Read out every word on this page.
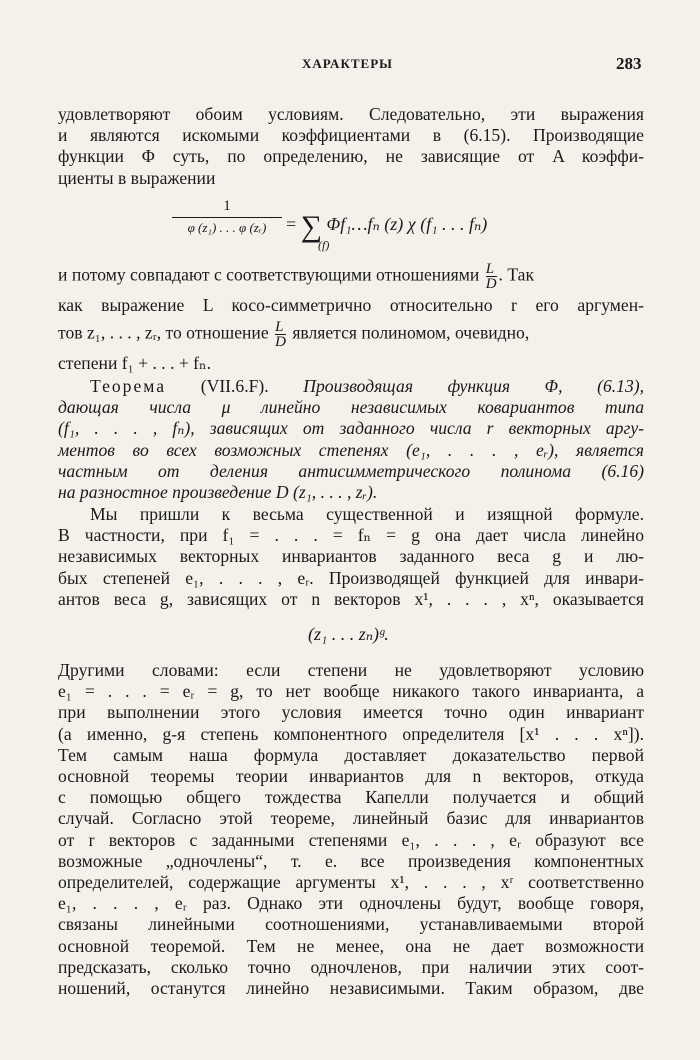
ХАРАКТЕРЫ	283
удовлетворяют обоим условиям. Следовательно, эти выражения
и являются искомыми коэффициентами в (6.15). Производящие
функции Φ суть, по определению, не зависящие от A коэффи-
циенты в выражении
$\frac{1}{\text{φ (z₁) . . . φ (zᵣ)}}$ = ∑ Φf₁…fₙ (z) χ (f₁ . . . fₙ)
(f)
и потому совпадают с соответствующими отношениями $\frac{L}{D}$ . Так
как выражение L косо-симметрично относительно r его аргумен-
тов z₁, . . . , zᵣ, то отношение $\frac{L}{D}$ является полиномом, очевидно,
степени f₁ + . . . + fₙ.
Теорема (VII.6.F). Производящая функция Φ, (6.13),
дающая числа μ линейно независимых ковариантов типа
(f₁, . . . , fₙ), зависящих от заданного числа r векторных аргу-
ментов во всех возможных степенях (e₁, . . . , eᵣ), является
частным от деления антисимметрического полинома (6.16)
на разностное произведение D (z₁, . . . , zᵣ).
Мы пришли к весьма существенной и изящной формуле.
В частности, при f₁ = . . . = fₙ = g она дает числа линейно
независимых векторных инвариантов заданного веса g и лю-
бых степеней e₁, . . . , eᵣ. Производящей функцией для инвари-
антов веса g, зависящих от n векторов x¹, . . . , xⁿ, оказывается
(z₁ . . . zₙ)ᵍ.
Другими словами: если степени не удовлетворяют условию
e₁ = . . . = eᵣ = g, то нет вообще никакого такого инварианта, а
при выполнении этого условия имеется точно один инвариант
(а именно, g-я степень компонентного определителя [x¹ . . . xⁿ]).
Тем самым наша формула доставляет доказательство первой
основной теоремы теории инвариантов для n векторов, откуда
с помощью общего тождества Капелли получается и общий
случай. Согласно этой теореме, линейный базис для инвариантов
от r векторов с заданными степенями e₁, . . . , eᵣ образуют все
возможные „одночлены“, т. е. все произведения компонентных
определителей, содержащие аргументы x¹, . . . , xʳ соответственно
e₁, . . . , eᵣ раз. Однако эти одночлены будут, вообще говоря,
связаны линейными соотношениями, устанавливаемыми второй
основной теоремой. Тем не менее, она не дает возможности
предсказать, сколько точно одночленов, при наличии этих соот-
ношений, останутся линейно независимыми. Таким образом, две
